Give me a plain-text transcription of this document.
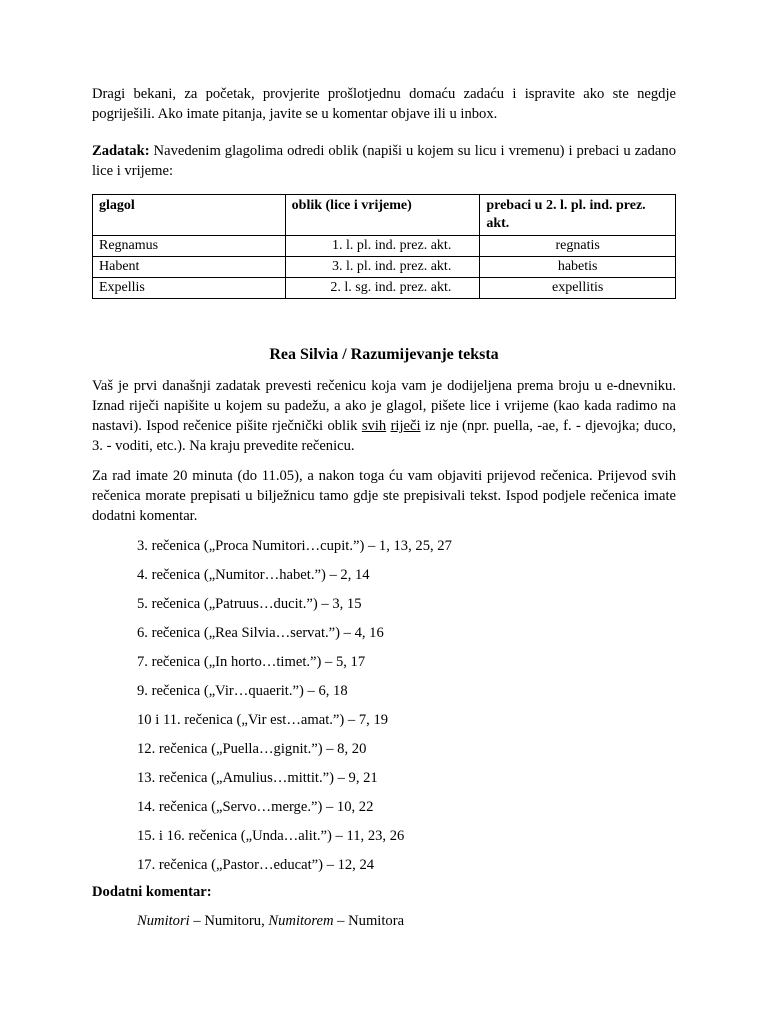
Dragi bekani, za početak, provjerite prošlotjednu domaću zadaću i ispravite ako ste negdje pogriješili. Ako imate pitanja, javite se u komentar objave ili u inbox.

Zadatak: Navedenim glagolima odredi oblik (napiši u kojem su licu i vremenu) i prebaci u zadano lice i vrijeme:

glagol	oblik (lice i vrijeme)	prebaci u 2. l. pl. ind. prez. akt.
Regnamus	1. l. pl. ind. prez. akt.	regnatis
Habent	3. l. pl. ind. prez. akt.	habetis
Expellis	2. l. sg. ind. prez. akt.	expellitis
Rea Silvia / Razumijevanje teksta

Vaš je prvi današnji zadatak prevesti rečenicu koja vam je dodijeljena prema broju u e-dnevniku. Iznad riječi napišite u kojem su padežu, a ako je glagol, pišete lice i vrijeme (kao kada radimo na nastavi). Ispod rečenice pišite rječnički oblik svih riječi iz nje (npr. puella, -ae, f. - djevojka; duco, 3. - voditi, etc.). Na kraju prevedite rečenicu.

Za rad imate 20 minuta (do 11.05), a nakon toga ću vam objaviti prijevod rečenica. Prijevod svih rečenica morate prepisati u bilježnicu tamo gdje ste prepisivali tekst. Ispod podjele rečenica imate dodatni komentar.

3. rečenica („Proca Numitori…cupit.”) – 1, 13, 25, 27
4. rečenica („Numitor…habet.”) – 2, 14
5. rečenica („Patruus…ducit.”) – 3, 15
6. rečenica („Rea Silvia…servat.”) – 4, 16
7. rečenica („In horto…timet.”) – 5, 17
9. rečenica („Vir…quaerit.”) – 6, 18
10 i 11. rečenica („Vir est…amat.”) – 7, 19
12. rečenica („Puella…gignit.”) – 8, 20
13. rečenica („Amulius…mittit.”) – 9, 21
14. rečenica („Servo…merge.”) – 10, 22
15. i 16. rečenica („Unda…alit.”) – 11, 23, 26
17. rečenica („Pastor…educat”) – 12, 24
Dodatni komentar:
Numitori – Numitoru, Numitorem – Numitora
